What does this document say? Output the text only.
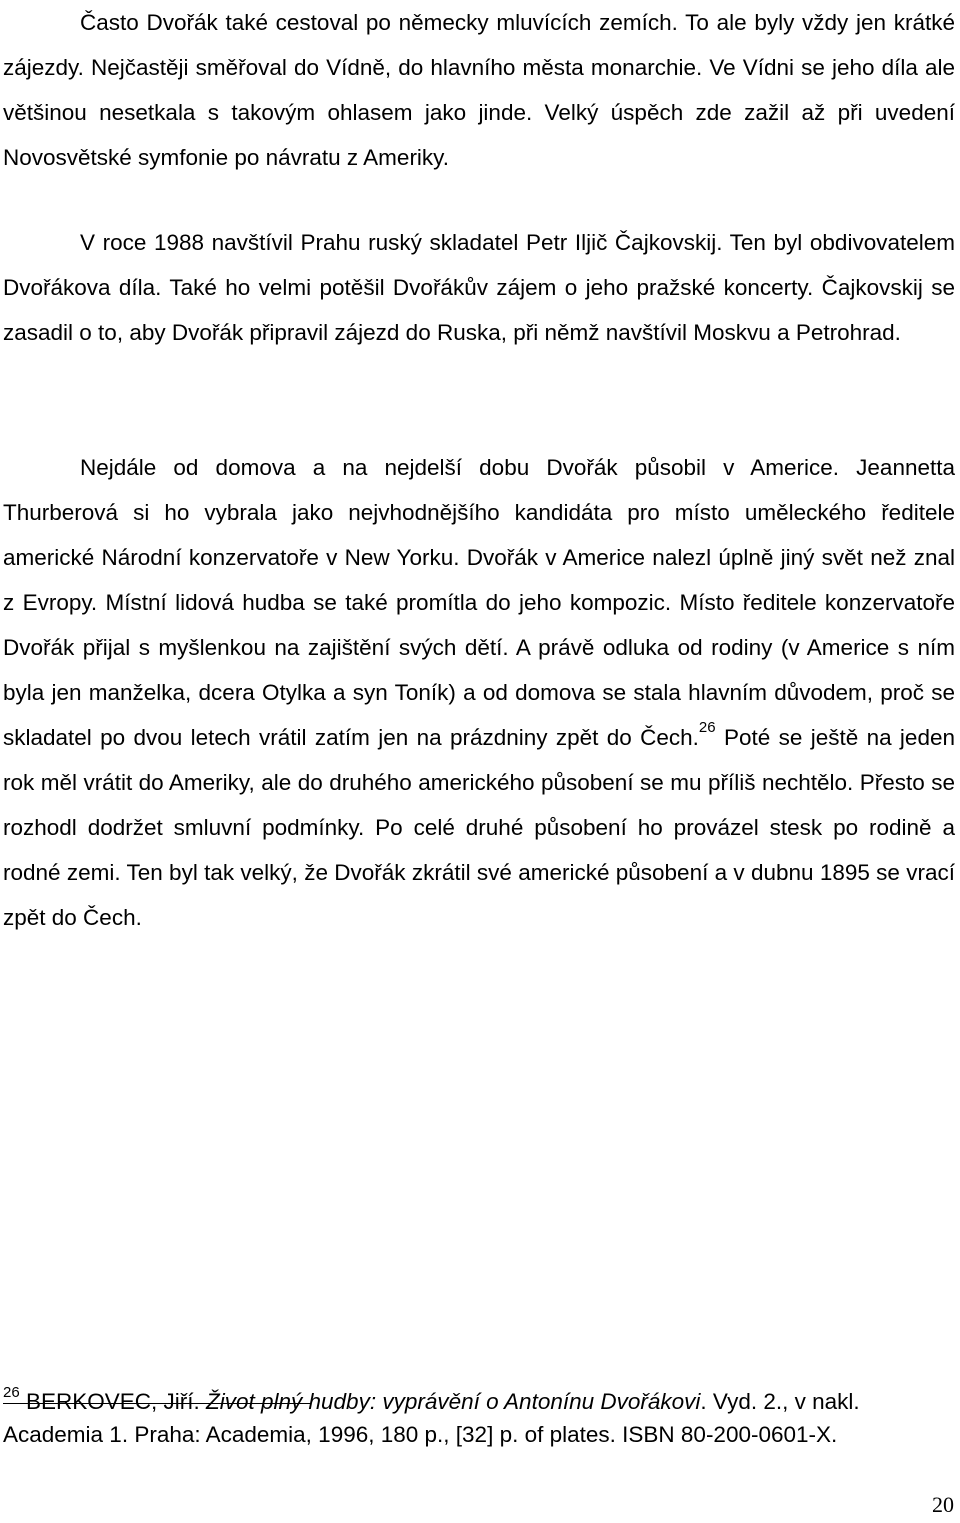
Často Dvořák také cestoval po německy mluvících zemích. To ale byly vždy jen krátké zájezdy. Nejčastěji směřoval do Vídně, do hlavního města monarchie. Ve Vídni se jeho díla ale většinou nesetkala s takovým ohlasem jako jinde. Velký úspěch zde zažil až při uvedení Novosvětské symfonie po návratu z Ameriky.

V roce 1988 navštívil Prahu ruský skladatel Petr Iljič Čajkovskij. Ten byl obdivovatelem Dvořákova díla. Také ho velmi potěšil Dvořákův zájem o jeho pražské koncerty. Čajkovskij se zasadil o to, aby Dvořák připravil zájezd do Ruska, při němž navštívil Moskvu a Petrohrad.

Nejdále od domova a na nejdelší dobu Dvořák působil v Americe. Jeannetta Thurberová si ho vybrala jako nejvhodnějšího kandidáta pro místo uměleckého ředitele americké Národní konzervatoře v New Yorku. Dvořák v Americe nalezl úplně jiný svět než znal z Evropy. Místní lidová hudba se také promítla do jeho kompozic. Místo ředitele konzervatoře Dvořák přijal s myšlenkou na zajištění svých dětí. A právě odluka od rodiny (v Americe s ním byla jen manželka, dcera Otylka a syn Toník) a od domova se stala hlavním důvodem, proč se skladatel po dvou letech vrátil zatím jen na prázdniny zpět do Čech.$^{26}$ Poté se ještě na jeden rok měl vrátit do Ameriky, ale do druhého amerického působení se mu příliš nechtělo. Přesto se rozhodl dodržet smluvní podmínky. Po celé druhé působení ho provázel stesk po rodině a rodné zemi. Ten byl tak velký, že Dvořák zkrátil své americké působení a v dubnu 1895 se vrací zpět do Čech.

$^{26}$ BERKOVEC, Jiří. Život plný hudby: vyprávění o Antonínu Dvořákovi. Vyd. 2., v nakl. Academia 1. Praha: Academia, 1996, 180 p., [32] p. of plates. ISBN 80-200-0601-X.

20
